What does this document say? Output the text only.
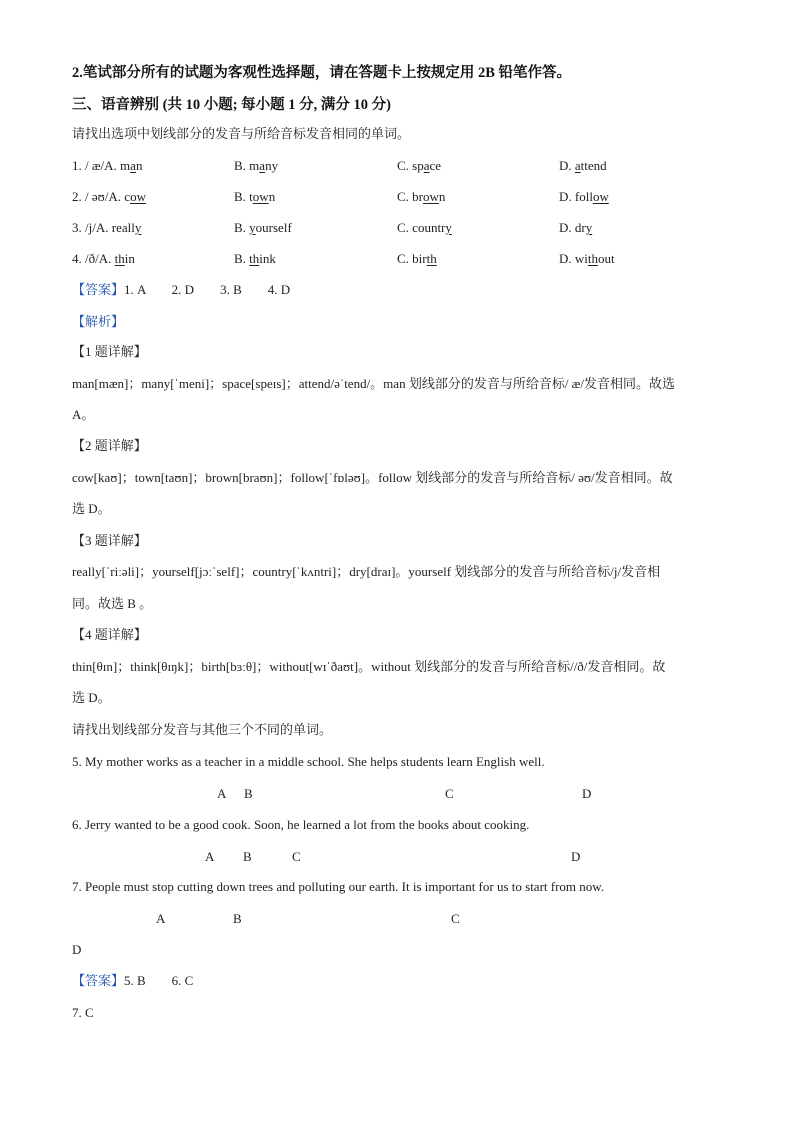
2.笔试部分所有的试题为客观性选择题，请在答题卡上按规定用 2B 铅笔作答。
三、语音辨别 (共 10 小题; 每小题 1 分, 满分 10 分)
请找出选项中划线部分的发音与所给音标发音相同的单词。
1. / æ/A. man	B. many	C. space	D. attend
2. / əʊ/A. cow	B. town	C. brown	D. follow
3. /j/A. really	B. yourself	C. country	D. dry
4. /ð/A. thin	B. think	C. birth	D. without
【答案】1. A        2. D        3. B        4. D
【解析】
【1 题详解】
man[mæn]；many[ˈmeni]；space[speɪs]；attend/əˈtend/。man 划线部分的发音与所给音标/ æ/发音相同。故选
A。
【2 题详解】
cow[kaʊ]；town[taʊn]；brown[braʊn]；follow[ˈfɒləʊ]。follow 划线部分的发音与所给音标/ əʊ/发音相同。故
选 D。
【3 题详解】
really[ˈriːəli]；yourself[jɔːˈself]；country[ˈkʌntri]；dry[draɪ]。yourself 划线部分的发音与所给音标/j/发音相
同。故选 B 。
【4 题详解】
thin[θɪn]；think[θɪŋk]；birth[bɜːθ]；without[wɪˈðaʊt]。without 划线部分的发音与所给音标//ð/发音相同。故
选 D。
请找出划线部分发音与其他三个不同的单词。
5. My mother works as a teacher in a middle school. She helps students learn English well.
A B	C	D
6. Jerry wanted to be a good cook. Soon, he learned a lot from the books about cooking.
A B	C	D
7. People must stop cutting down trees and polluting our earth. It is important for us to start from now.
A	B	C
D
【答案】5. B        6. C
7. C
